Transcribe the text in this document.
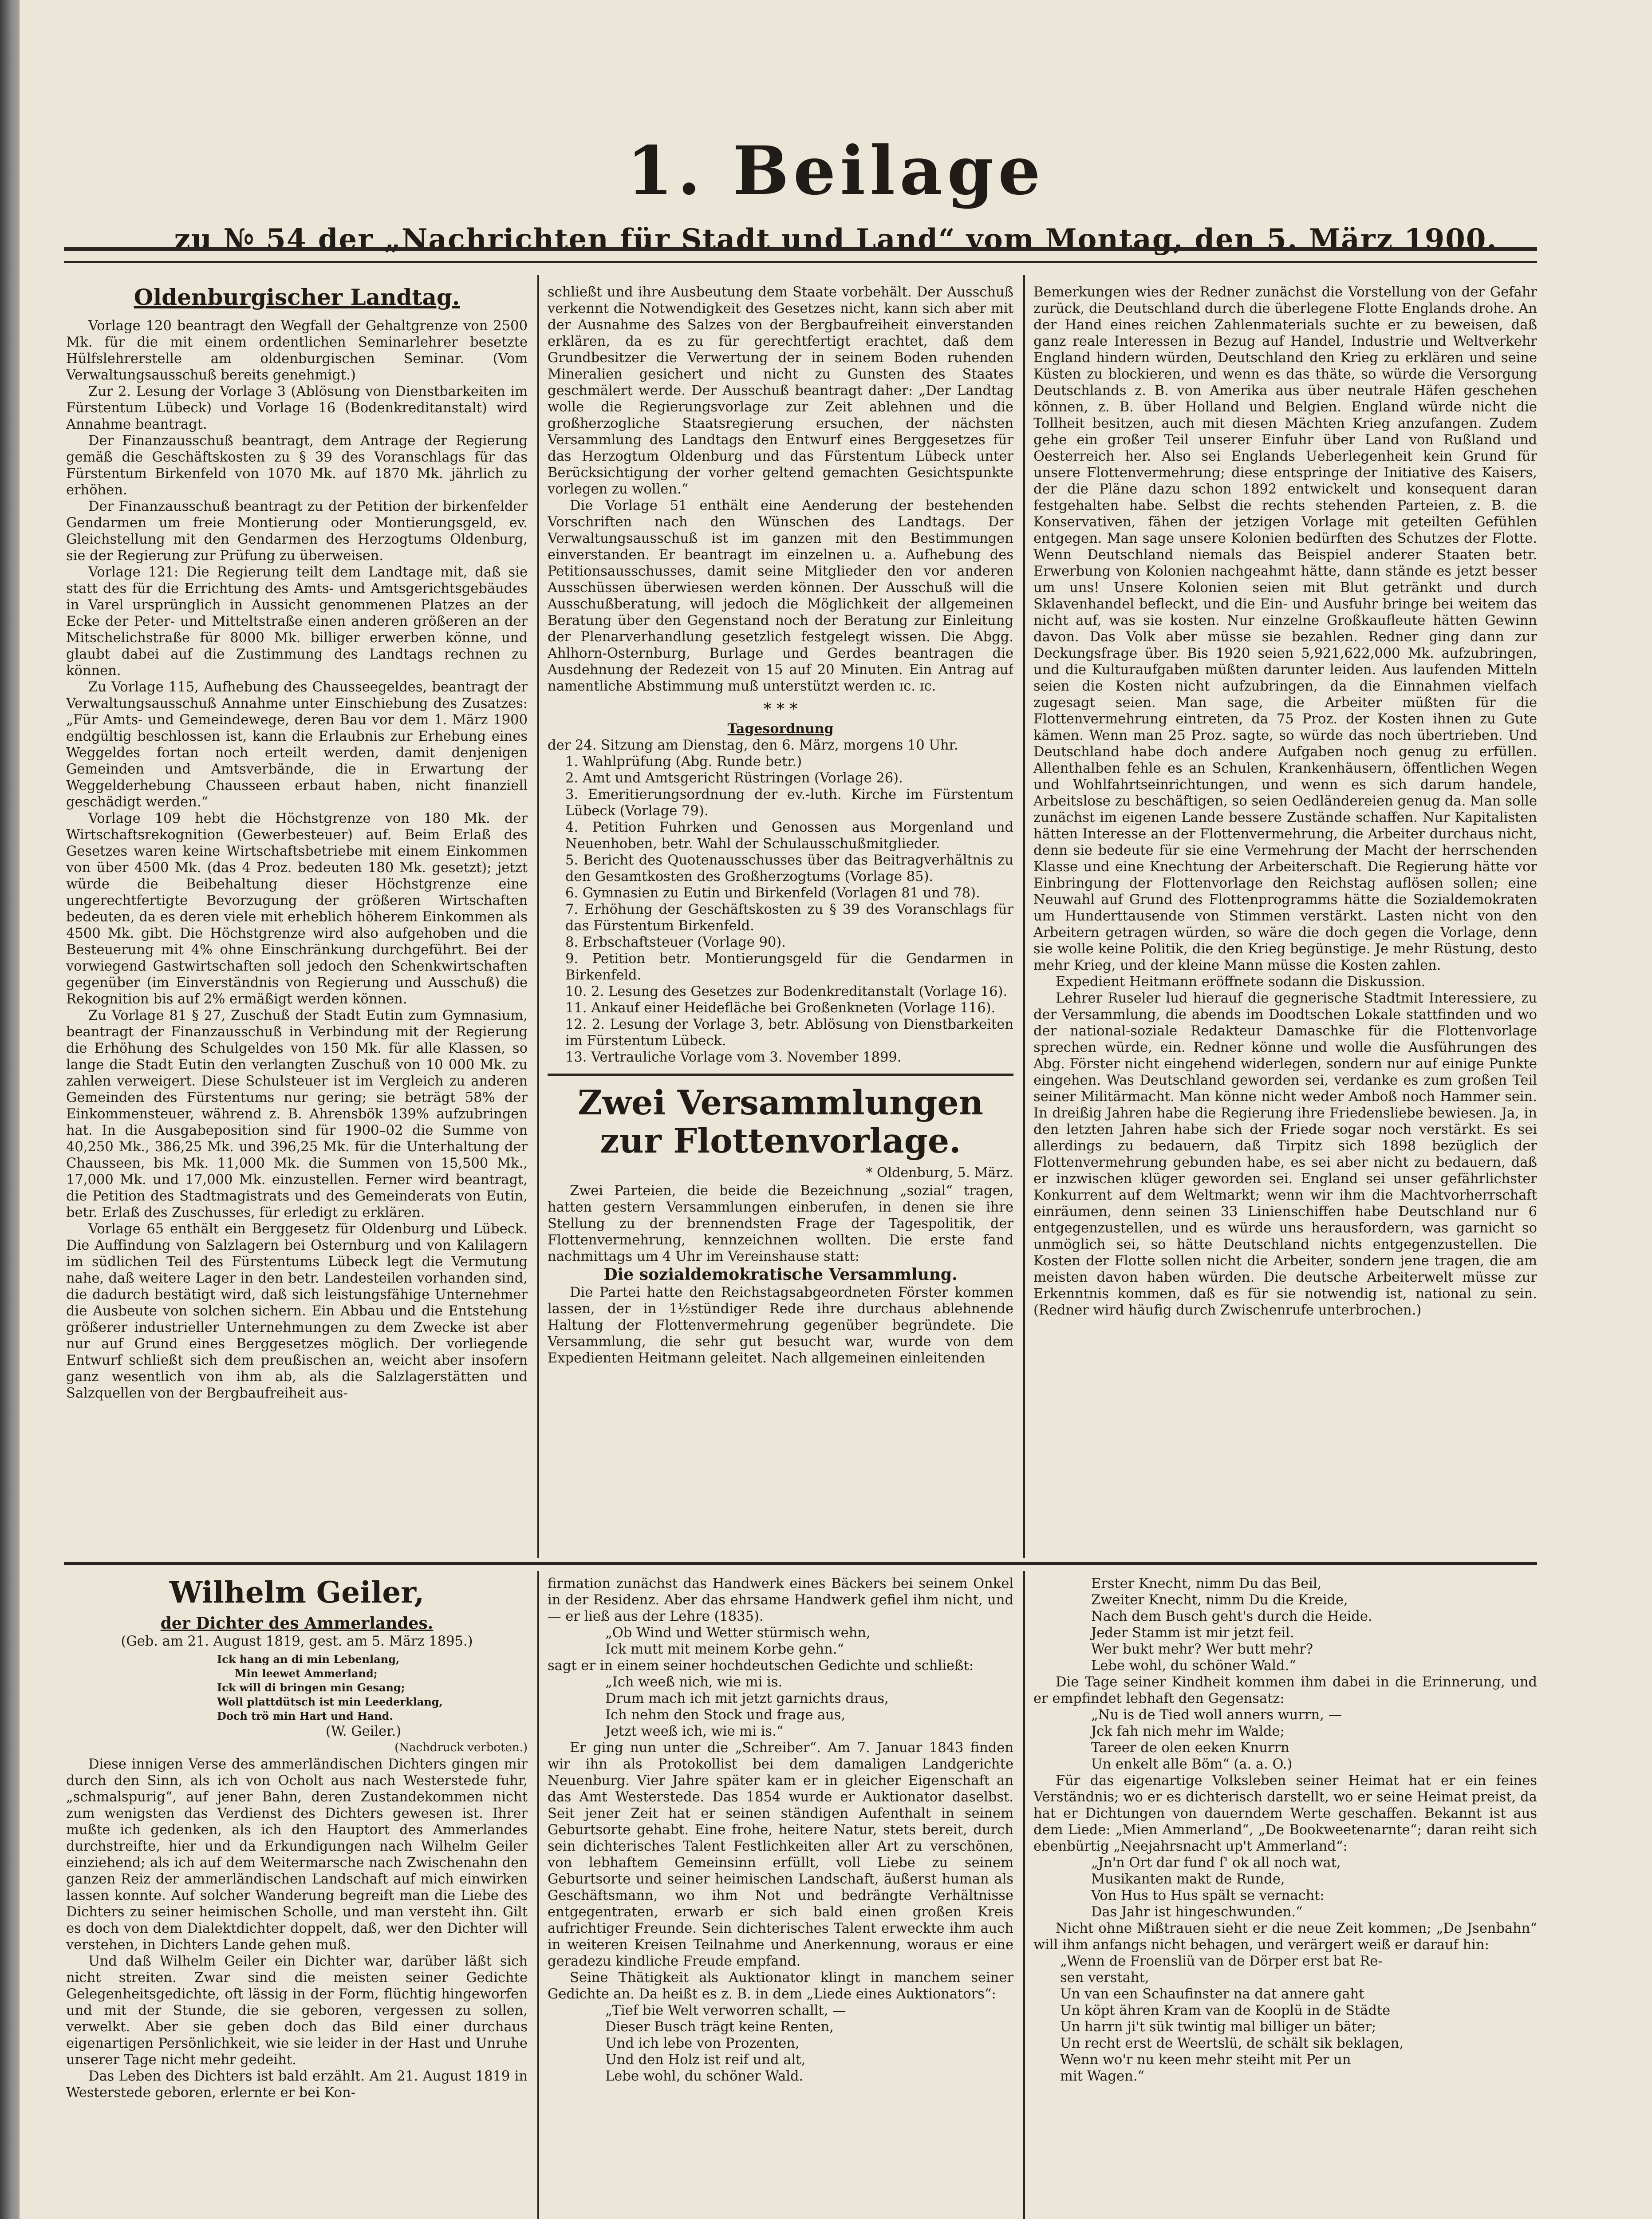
1. Beilage
zu № 54 der „Nachrichten für Stadt und Land“ vom Montag, den 5. März 1900.
Oldenburgischer Landtag.

Vorlage 120 beantragt den Wegfall der Gehaltgrenze von 2500 Mk. für die mit einem ordentlichen Seminarlehrer besetzte Hülfslehrerstelle am oldenburgischen Seminar. (Vom Verwaltungsausschuß bereits genehmigt.)

Zur 2. Lesung der Vorlage 3 (Ablösung von Dienstbarkeiten im Fürstentum Lübeck) und Vorlage 16 (Bodenkreditanstalt) wird Annahme beantragt.

Der Finanzausschuß beantragt, dem Antrage der Regierung gemäß die Geschäftskosten zu § 39 des Voranschlags für das Fürstentum Birkenfeld von 1070 Mk. auf 1870 Mk. jährlich zu erhöhen.

Der Finanzausschuß beantragt zu der Petition der birkenfelder Gendarmen um freie Montierung oder Montierungsgeld, ev. Gleichstellung mit den Gendarmen des Herzogtums Oldenburg, sie der Regierung zur Prüfung zu überweisen.

Vorlage 121: Die Regierung teilt dem Landtage mit, daß sie statt des für die Errichtung des Amts- und Amtsgerichtsgebäudes in Varel ursprünglich in Aussicht genommenen Platzes an der Ecke der Peter- und Mitteltstraße einen anderen größeren an der Mitschelichstraße für 8000 Mk. billiger erwerben könne, und glaubt dabei auf die Zustimmung des Landtags rechnen zu können.

Zu Vorlage 115, Aufhebung des Chausseegeldes, beantragt der Verwaltungsausschuß Annahme unter Einschiebung des Zusatzes: „Für Amts- und Gemeindewege, deren Bau vor dem 1. März 1900 endgültig beschlossen ist, kann die Erlaubnis zur Erhebung eines Weggeldes fortan noch erteilt werden, damit denjenigen Gemeinden und Amtsverbände, die in Erwartung der Weggelderhebung Chausseen erbaut haben, nicht finanziell geschädigt werden.“

Vorlage 109 hebt die Höchstgrenze von 180 Mk. der Wirtschaftsrekognition (Gewerbesteuer) auf. Beim Erlaß des Gesetzes waren keine Wirtschaftsbetriebe mit einem Einkommen von über 4500 Mk. (das 4 Proz. bedeuten 180 Mk. gesetzt); jetzt würde die Beibehaltung dieser Höchstgrenze eine ungerechtfertigte Bevorzugung der größeren Wirtschaften bedeuten, da es deren viele mit erheblich höherem Einkommen als 4500 Mk. gibt. Die Höchstgrenze wird also aufgehoben und die Besteuerung mit 4% ohne Einschränkung durchgeführt. Bei der vorwiegend Gastwirtschaften soll jedoch den Schenkwirtschaften gegenüber (im Einverständnis von Regierung und Ausschuß) die Rekognition bis auf 2% ermäßigt werden können.

Zu Vorlage 81 § 27, Zuschuß der Stadt Eutin zum Gymnasium, beantragt der Finanzausschuß in Verbindung mit der Regierung die Erhöhung des Schulgeldes von 150 Mk. für alle Klassen, so lange die Stadt Eutin den verlangten Zuschuß von 10 000 Mk. zu zahlen verweigert. Diese Schulsteuer ist im Vergleich zu anderen Gemeinden des Fürstentums nur gering; sie beträgt 58% der Einkommensteuer, während z. B. Ahrensbök 139% aufzubringen hat. In die Ausgabeposition sind für 1900–02 die Summe von 40,250 Mk., 386,25 Mk. und 396,25 Mk. für die Unterhaltung der Chausseen, bis Mk. 11,000 Mk. die Summen von 15,500 Mk., 17,000 Mk. und 17,000 Mk. einzustellen. Ferner wird beantragt, die Petition des Stadtmagistrats und des Gemeinderats von Eutin, betr. Erlaß des Zuschusses, für erledigt zu erklären.

Vorlage 65 enthält ein Berggesetz für Oldenburg und Lübeck. Die Auffindung von Salzlagern bei Osternburg und von Kalilagern im südlichen Teil des Fürstentums Lübeck legt die Vermutung nahe, daß weitere Lager in den betr. Landesteilen vorhanden sind, die dadurch bestätigt wird, daß sich leistungsfähige Unternehmer die Ausbeute von solchen sichern. Ein Abbau und die Entstehung größerer industrieller Unternehmungen zu dem Zwecke ist aber nur auf Grund eines Berggesetzes möglich. Der vorliegende Entwurf schließt sich dem preußischen an, weicht aber insofern ganz wesentlich von ihm ab, als die Salzlagerstätten und Salzquellen von der Bergbaufreiheit aus-

schließt und ihre Ausbeutung dem Staate vorbehält. Der Ausschuß verkennt die Notwendigkeit des Gesetzes nicht, kann sich aber mit der Ausnahme des Salzes von der Bergbaufreiheit einverstanden erklären, da es zu für gerechtfertigt erachtet, daß dem Grundbesitzer die Verwertung der in seinem Boden ruhenden Mineralien gesichert und nicht zu Gunsten des Staates geschmälert werde. Der Ausschuß beantragt daher: „Der Landtag wolle die Regierungsvorlage zur Zeit ablehnen und die großherzogliche Staatsregierung ersuchen, der nächsten Versammlung des Landtags den Entwurf eines Berggesetzes für das Herzogtum Oldenburg und das Fürstentum Lübeck unter Berücksichtigung der vorher geltend gemachten Gesichtspunkte vorlegen zu wollen.“

Die Vorlage 51 enthält eine Aenderung der bestehenden Vorschriften nach den Wünschen des Landtags. Der Verwaltungsausschuß ist im ganzen mit den Bestimmungen einverstanden. Er beantragt im einzelnen u. a. Aufhebung des Petitionsausschusses, damit seine Mitglieder den vor anderen Ausschüssen überwiesen werden können. Der Ausschuß will die Ausschußberatung, will jedoch die Möglichkeit der allgemeinen Beratung über den Gegenstand noch der Beratung zur Einleitung der Plenarverhandlung gesetzlich festgelegt wissen. Die Abgg. Ahlhorn-Osternburg, Burlage und Gerdes beantragen die Ausdehnung der Redezeit von 15 auf 20 Minuten. Ein Antrag auf namentliche Abstimmung muß unterstützt werden ɪc. ɪc.

* * *
Tagesordnung

der 24. Sitzung am Dienstag, den 6. März, morgens 10 Uhr.

1. Wahlprüfung (Abg. Runde betr.)

2. Amt und Amtsgericht Rüstringen (Vorlage 26).

3. Emeritierungsordnung der ev.-luth. Kirche im Fürstentum Lübeck (Vorlage 79).

4. Petition Fuhrken und Genossen aus Morgenland und Neuenhoben, betr. Wahl der Schulausschußmitglieder.

5. Bericht des Quotenausschusses über das Beitragverhältnis zu den Gesamtkosten des Großherzogtums (Vorlage 85).

6. Gymnasien zu Eutin und Birkenfeld (Vorlagen 81 und 78).

7. Erhöhung der Geschäftskosten zu § 39 des Voranschlags für das Fürstentum Birkenfeld.

8. Erbschaftsteuer (Vorlage 90).

9. Petition betr. Montierungsgeld für die Gendarmen in Birkenfeld.

10. 2. Lesung des Gesetzes zur Bodenkreditanstalt (Vorlage 16).

11. Ankauf einer Heidefläche bei Großenkneten (Vorlage 116).

12. 2. Lesung der Vorlage 3, betr. Ablösung von Dienstbarkeiten im Fürstentum Lübeck.

13. Vertrauliche Vorlage vom 3. November 1899.

Zwei Versammlungen zur Flottenvorlage.
* Oldenburg, 5. März.

Zwei Parteien, die beide die Bezeichnung „sozial“ tragen, hatten gestern Versammlungen einberufen, in denen sie ihre Stellung zu der brennendsten Frage der Tagespolitik, der Flottenvermehrung, kennzeichnen wollten. Die erste fand nachmittags um 4 Uhr im Vereinshause statt:

Die sozialdemokratische Versammlung.

Die Partei hatte den Reichstagsabgeordneten Förster kommen lassen, der in 1½stündiger Rede ihre durchaus ablehnende Haltung der Flottenvermehrung gegenüber begründete. Die Versammlung, die sehr gut besucht war, wurde von dem Expedienten Heitmann geleitet. Nach allgemeinen einleitenden

Bemerkungen wies der Redner zunächst die Vorstellung von der Gefahr zurück, die Deutschland durch die überlegene Flotte Englands drohe. An der Hand eines reichen Zahlenmaterials suchte er zu beweisen, daß ganz reale Interessen in Bezug auf Handel, Industrie und Weltverkehr England hindern würden, Deutschland den Krieg zu erklären und seine Küsten zu blockieren, und wenn es das thäte, so würde die Versorgung Deutschlands z. B. von Amerika aus über neutrale Häfen geschehen können, z. B. über Holland und Belgien. England würde nicht die Tollheit besitzen, auch mit diesen Mächten Krieg anzufangen. Zudem gehe ein großer Teil unserer Einfuhr über Land von Rußland und Oesterreich her. Also sei Englands Ueberlegenheit kein Grund für unsere Flottenvermehrung; diese entspringe der Initiative des Kaisers, der die Pläne dazu schon 1892 entwickelt und konsequent daran festgehalten habe. Selbst die rechts stehenden Parteien, z. B. die Konservativen, fähen der jetzigen Vorlage mit geteilten Gefühlen entgegen. Man sage unsere Kolonien bedürften des Schutzes der Flotte. Wenn Deutschland niemals das Beispiel anderer Staaten betr. Erwerbung von Kolonien nachgeahmt hätte, dann stände es jetzt besser um uns! Unsere Kolonien seien mit Blut getränkt und durch Sklavenhandel befleckt, und die Ein- und Ausfuhr bringe bei weitem das nicht auf, was sie kosten. Nur einzelne Großkaufleute hätten Gewinn davon. Das Volk aber müsse sie bezahlen. Redner ging dann zur Deckungsfrage über. Bis 1920 seien 5,921,622,000 Mk. aufzubringen, und die Kulturaufgaben müßten darunter leiden. Aus laufenden Mitteln seien die Kosten nicht aufzubringen, da die Einnahmen vielfach zugesagt seien. Man sage, die Arbeiter müßten für die Flottenvermehrung eintreten, da 75 Proz. der Kosten ihnen zu Gute kämen. Wenn man 25 Proz. sagte, so würde das noch übertrieben. Und Deutschland habe doch andere Aufgaben noch genug zu erfüllen. Allenthalben fehle es an Schulen, Krankenhäusern, öffentlichen Wegen und Wohlfahrtseinrichtungen, und wenn es sich darum handele, Arbeitslose zu beschäftigen, so seien Oedländereien genug da. Man solle zunächst im eigenen Lande bessere Zustände schaffen. Nur Kapitalisten hätten Interesse an der Flottenvermehrung, die Arbeiter durchaus nicht, denn sie bedeute für sie eine Vermehrung der Macht der herrschenden Klasse und eine Knechtung der Arbeiterschaft. Die Regierung hätte vor Einbringung der Flottenvorlage den Reichstag auflösen sollen; eine Neuwahl auf Grund des Flottenprogramms hätte die Sozialdemokraten um Hunderttausende von Stimmen verstärkt. Lasten nicht von den Arbeitern getragen würden, so wäre die doch gegen die Vorlage, denn sie wolle keine Politik, die den Krieg begünstige. Je mehr Rüstung, desto mehr Krieg, und der kleine Mann müsse die Kosten zahlen.

Expedient Heitmann eröffnete sodann die Diskussion.

Lehrer Ruseler lud hierauf die gegnerische Stadtmit Interessiere, zu der Versammlung, die abends im Doodtschen Lokale stattfinden und wo der national-soziale Redakteur Damaschke für die Flottenvorlage sprechen würde, ein. Redner könne und wolle die Ausführungen des Abg. Förster nicht eingehend widerlegen, sondern nur auf einige Punkte eingehen. Was Deutschland geworden sei, verdanke es zum großen Teil seiner Militärmacht. Man könne nicht weder Amboß noch Hammer sein. In dreißig Jahren habe die Regierung ihre Friedensliebe bewiesen. Ja, in den letzten Jahren habe sich der Friede sogar noch verstärkt. Es sei allerdings zu bedauern, daß Tirpitz sich 1898 bezüglich der Flottenvermehrung gebunden habe, es sei aber nicht zu bedauern, daß er inzwischen klüger geworden sei. England sei unser gefährlichster Konkurrent auf dem Weltmarkt; wenn wir ihm die Machtvorherrschaft einräumen, denn seinen 33 Linienschiffen habe Deutschland nur 6 entgegenzustellen, und es würde uns herausfordern, was garnicht so unmöglich sei, so hätte Deutschland nichts entgegenzustellen. Die Kosten der Flotte sollen nicht die Arbeiter, sondern jene tragen, die am meisten davon haben würden. Die deutsche Arbeiterwelt müsse zur Erkenntnis kommen, daß es für sie notwendig ist, national zu sein. (Redner wird häufig durch Zwischenrufe unterbrochen.)

Wilhelm Geiler,
der Dichter des Ammerlandes.
(Geb. am 21. August 1819, gest. am 5. März 1895.)
Ick hang an di min Lebenlang,
Min leewet Ammerland;
Ick will di bringen min Gesang;
Woll plattdütsch ist min Leederklang,
Doch trö min Hart und Hand.
(W. Geiler.)
(Nachdruck verboten.)

Diese innigen Verse des ammerländischen Dichters gingen mir durch den Sinn, als ich von Ocholt aus nach Westerstede fuhr, „schmalspurig“, auf jener Bahn, deren Zustandekommen nicht zum wenigsten das Verdienst des Dichters gewesen ist. Ihrer mußte ich gedenken, als ich den Hauptort des Ammerlandes durchstreifte, hier und da Erkundigungen nach Wilhelm Geiler einziehend; als ich auf dem Weitermarsche nach Zwischenahn den ganzen Reiz der ammerländischen Landschaft auf mich einwirken lassen konnte. Auf solcher Wanderung begreift man die Liebe des Dichters zu seiner heimischen Scholle, und man versteht ihn. Gilt es doch von dem Dialektdichter doppelt, daß, wer den Dichter will verstehen, in Dichters Lande gehen muß.

Und daß Wilhelm Geiler ein Dichter war, darüber läßt sich nicht streiten. Zwar sind die meisten seiner Gedichte Gelegenheitsgedichte, oft lässig in der Form, flüchtig hingeworfen und mit der Stunde, die sie geboren, vergessen zu sollen, verwelkt. Aber sie geben doch das Bild einer durchaus eigenartigen Persönlichkeit, wie sie leider in der Hast und Unruhe unserer Tage nicht mehr gedeiht.

Das Leben des Dichters ist bald erzählt. Am 21. August 1819 in Westerstede geboren, erlernte er bei Kon-

firmation zunächst das Handwerk eines Bäckers bei seinem Onkel in der Residenz. Aber das ehrsame Handwerk gefiel ihm nicht, und — er ließ aus der Lehre (1835).

„Ob Wind und Wetter stürmisch wehn,
Ick mutt mit meinem Korbe gehn.“

sagt er in einem seiner hochdeutschen Gedichte und schließt:

„Ich weeß nich, wie mi is.
Drum mach ich mit jetzt garnichts draus,
Ich nehm den Stock und frage aus,
Jetzt weeß ich, wie mi is.“

Er ging nun unter die „Schreiber“. Am 7. Januar 1843 finden wir ihn als Protokollist bei dem damaligen Landgerichte Neuenburg. Vier Jahre später kam er in gleicher Eigenschaft an das Amt Westerstede. Das 1854 wurde er Auktionator daselbst. Seit jener Zeit hat er seinen ständigen Aufenthalt in seinem Geburtsorte gehabt. Eine frohe, heitere Natur, stets bereit, durch sein dichterisches Talent Festlichkeiten aller Art zu verschönen, von lebhaftem Gemeinsinn erfüllt, voll Liebe zu seinem Geburtsorte und seiner heimischen Landschaft, äußerst human als Geschäftsmann, wo ihm Not und bedrängte Verhältnisse entgegentraten, erwarb er sich bald einen großen Kreis aufrichtiger Freunde. Sein dichterisches Talent erweckte ihm auch in weiteren Kreisen Teilnahme und Anerkennung, woraus er eine geradezu kindliche Freude empfand.

Seine Thätigkeit als Auktionator klingt in manchem seiner Gedichte an. Da heißt es z. B. in dem „Liede eines Auktionators“:

„Tief bie Welt verworren schallt, —
Dieser Busch trägt keine Renten,
Und ich lebe von Prozenten,
Und den Holz ist reif und alt,
Lebe wohl, du schöner Wald.
Erster Knecht, nimm Du das Beil,
Zweiter Knecht, nimm Du die Kreide,
Nach dem Busch geht's durch die Heide.
Jeder Stamm ist mir jetzt feil.
Wer bukt mehr? Wer butt mehr?
Lebe wohl, du schöner Wald.“

Die Tage seiner Kindheit kommen ihm dabei in die Erinnerung, und er empfindet lebhaft den Gegensatz:

„Nu is de Tied woll anners wurrn, —
Jck fah nich mehr im Walde;
Tareer de olen eeken Knurrn
Un enkelt alle Böm“ (a. a. O.)

Für das eigenartige Volksleben seiner Heimat hat er ein feines Verständnis; wo er es dichterisch darstellt, wo er seine Heimat preist, da hat er Dichtungen von dauerndem Werte geschaffen. Bekannt ist aus dem Liede: „Mien Ammerland“, „De Bookweetenarnte“; daran reiht sich ebenbürtig „Neejahrsnacht up't Ammerland“:

„Jn'n Ort dar fund ſ' ok all noch wat,
Musikanten makt de Runde,
Von Hus to Hus spält se vernacht:
Das Jahr ist hingeschwunden.“

Nicht ohne Mißtrauen sieht er die neue Zeit kommen; „De Jsenbahn“ will ihm anfangs nicht behagen, und verärgert weiß er darauf hin:

„Wenn de Froensliü van de Dörper erst bat Re-
sen verstaht,
Un van een Schaufinster na dat annere gaht
Un köpt ähren Kram van de Kooplü in de Städte
Un harrn ji't sük twintig mal billiger un bäter;
Un recht erst de Weertslü, de schält sik beklagen,
Wenn wo'r nu keen mehr steiht mit Per un
mit Wagen.“
